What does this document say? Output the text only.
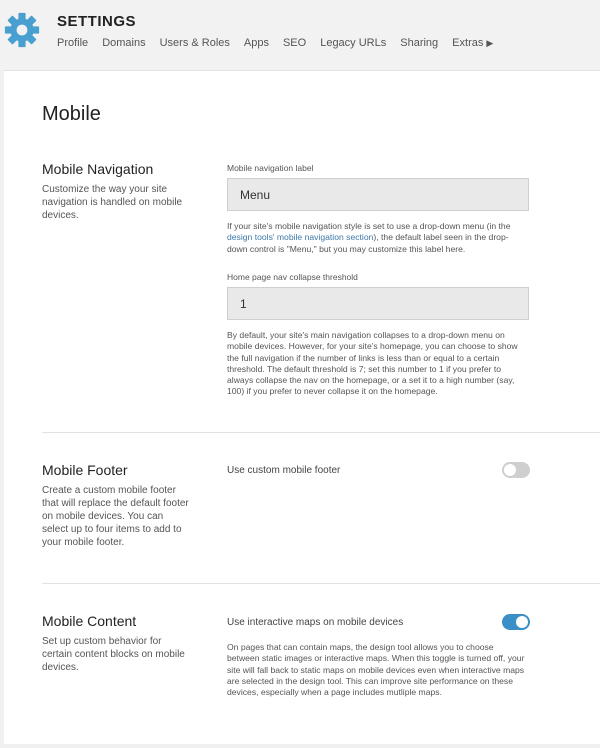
SETTINGS
Profile Domains Users & Roles Apps SEO Legacy URLs Sharing Extras ▶
Mobile
Mobile Navigation
Customize the way your site navigation is handled on mobile devices.
Mobile navigation label
Menu
If your site's mobile navigation style is set to use a drop-down menu (in the design tools' mobile navigation section), the default label seen in the drop-down control is "Menu," but you may customize this label here.
Home page nav collapse threshold
1
By default, your site's main navigation collapses to a drop-down menu on mobile devices. However, for your site's homepage, you can choose to show the full navigation if the number of links is less than or equal to a certain threshold. The default threshold is 7; set this number to 1 if you prefer to always collapse the nav on the homepage, or a set it to a high number (say, 100) if you prefer to never collapse it on the homepage.
Mobile Footer
Create a custom mobile footer that will replace the default footer on mobile devices. You can select up to four items to add to your mobile footer.
Use custom mobile footer
Mobile Content
Set up custom behavior for certain content blocks on mobile devices.
Use interactive maps on mobile devices
On pages that can contain maps, the design tool allows you to choose between static images or interactive maps. When this toggle is turned off, your site will fall back to static maps on mobile devices even when interactive maps are selected in the design tool. This can improve site performance on these devices, especially when a page includes mutliple maps.
